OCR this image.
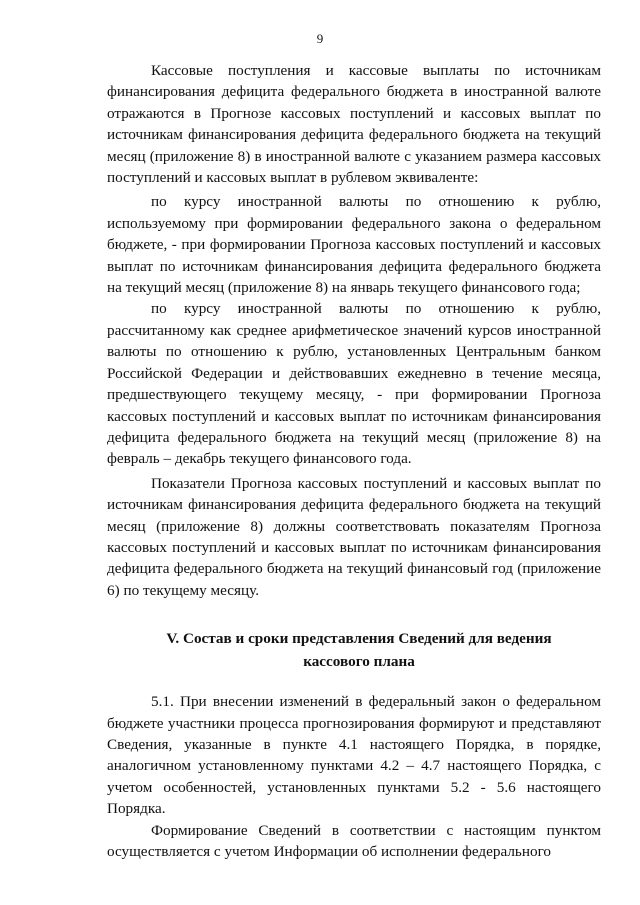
9

Кассовые поступления и кассовые выплаты по источникам финансирования дефицита федерального бюджета в иностранной валюте отражаются в Прогнозе кассовых поступлений и кассовых выплат по источникам финансирования дефицита федерального бюджета на текущий месяц (приложение 8) в иностранной валюте с указанием размера кассовых поступлений и кассовых выплат в рублевом эквиваленте:

по курсу иностранной валюты по отношению к рублю, используемому при формировании федерального закона о федеральном бюджете, - при формировании Прогноза кассовых поступлений и кассовых выплат по источникам финансирования дефицита федерального бюджета на текущий месяц (приложение 8) на январь текущего финансового года;

по курсу иностранной валюты по отношению к рублю, рассчитанному как среднее арифметическое значений курсов иностранной валюты по отношению к рублю, установленных Центральным банком Российской Федерации и действовавших ежедневно в течение месяца, предшествующего текущему месяцу, - при формировании Прогноза кассовых поступлений и кассовых выплат по источникам финансирования дефицита федерального бюджета на текущий месяц (приложение 8) на февраль – декабрь текущего финансового года.

Показатели Прогноза кассовых поступлений и кассовых выплат по источникам финансирования дефицита федерального бюджета на текущий месяц (приложение 8) должны соответствовать показателям Прогноза кассовых поступлений и кассовых выплат по источникам финансирования дефицита федерального бюджета на текущий финансовый год (приложение 6) по текущему месяцу.

V. Состав и сроки представления Сведений для ведения кассового плана

5.1. При внесении изменений в федеральный закон о федеральном бюджете участники процесса прогнозирования формируют и представляют Сведения, указанные в пункте 4.1 настоящего Порядка, в порядке, аналогичном установленному пунктами 4.2 – 4.7 настоящего Порядка, с учетом особенностей, установленных пунктами 5.2 - 5.6 настоящего Порядка.

Формирование Сведений в соответствии с настоящим пунктом осуществляется с учетом Информации об исполнении федерального
